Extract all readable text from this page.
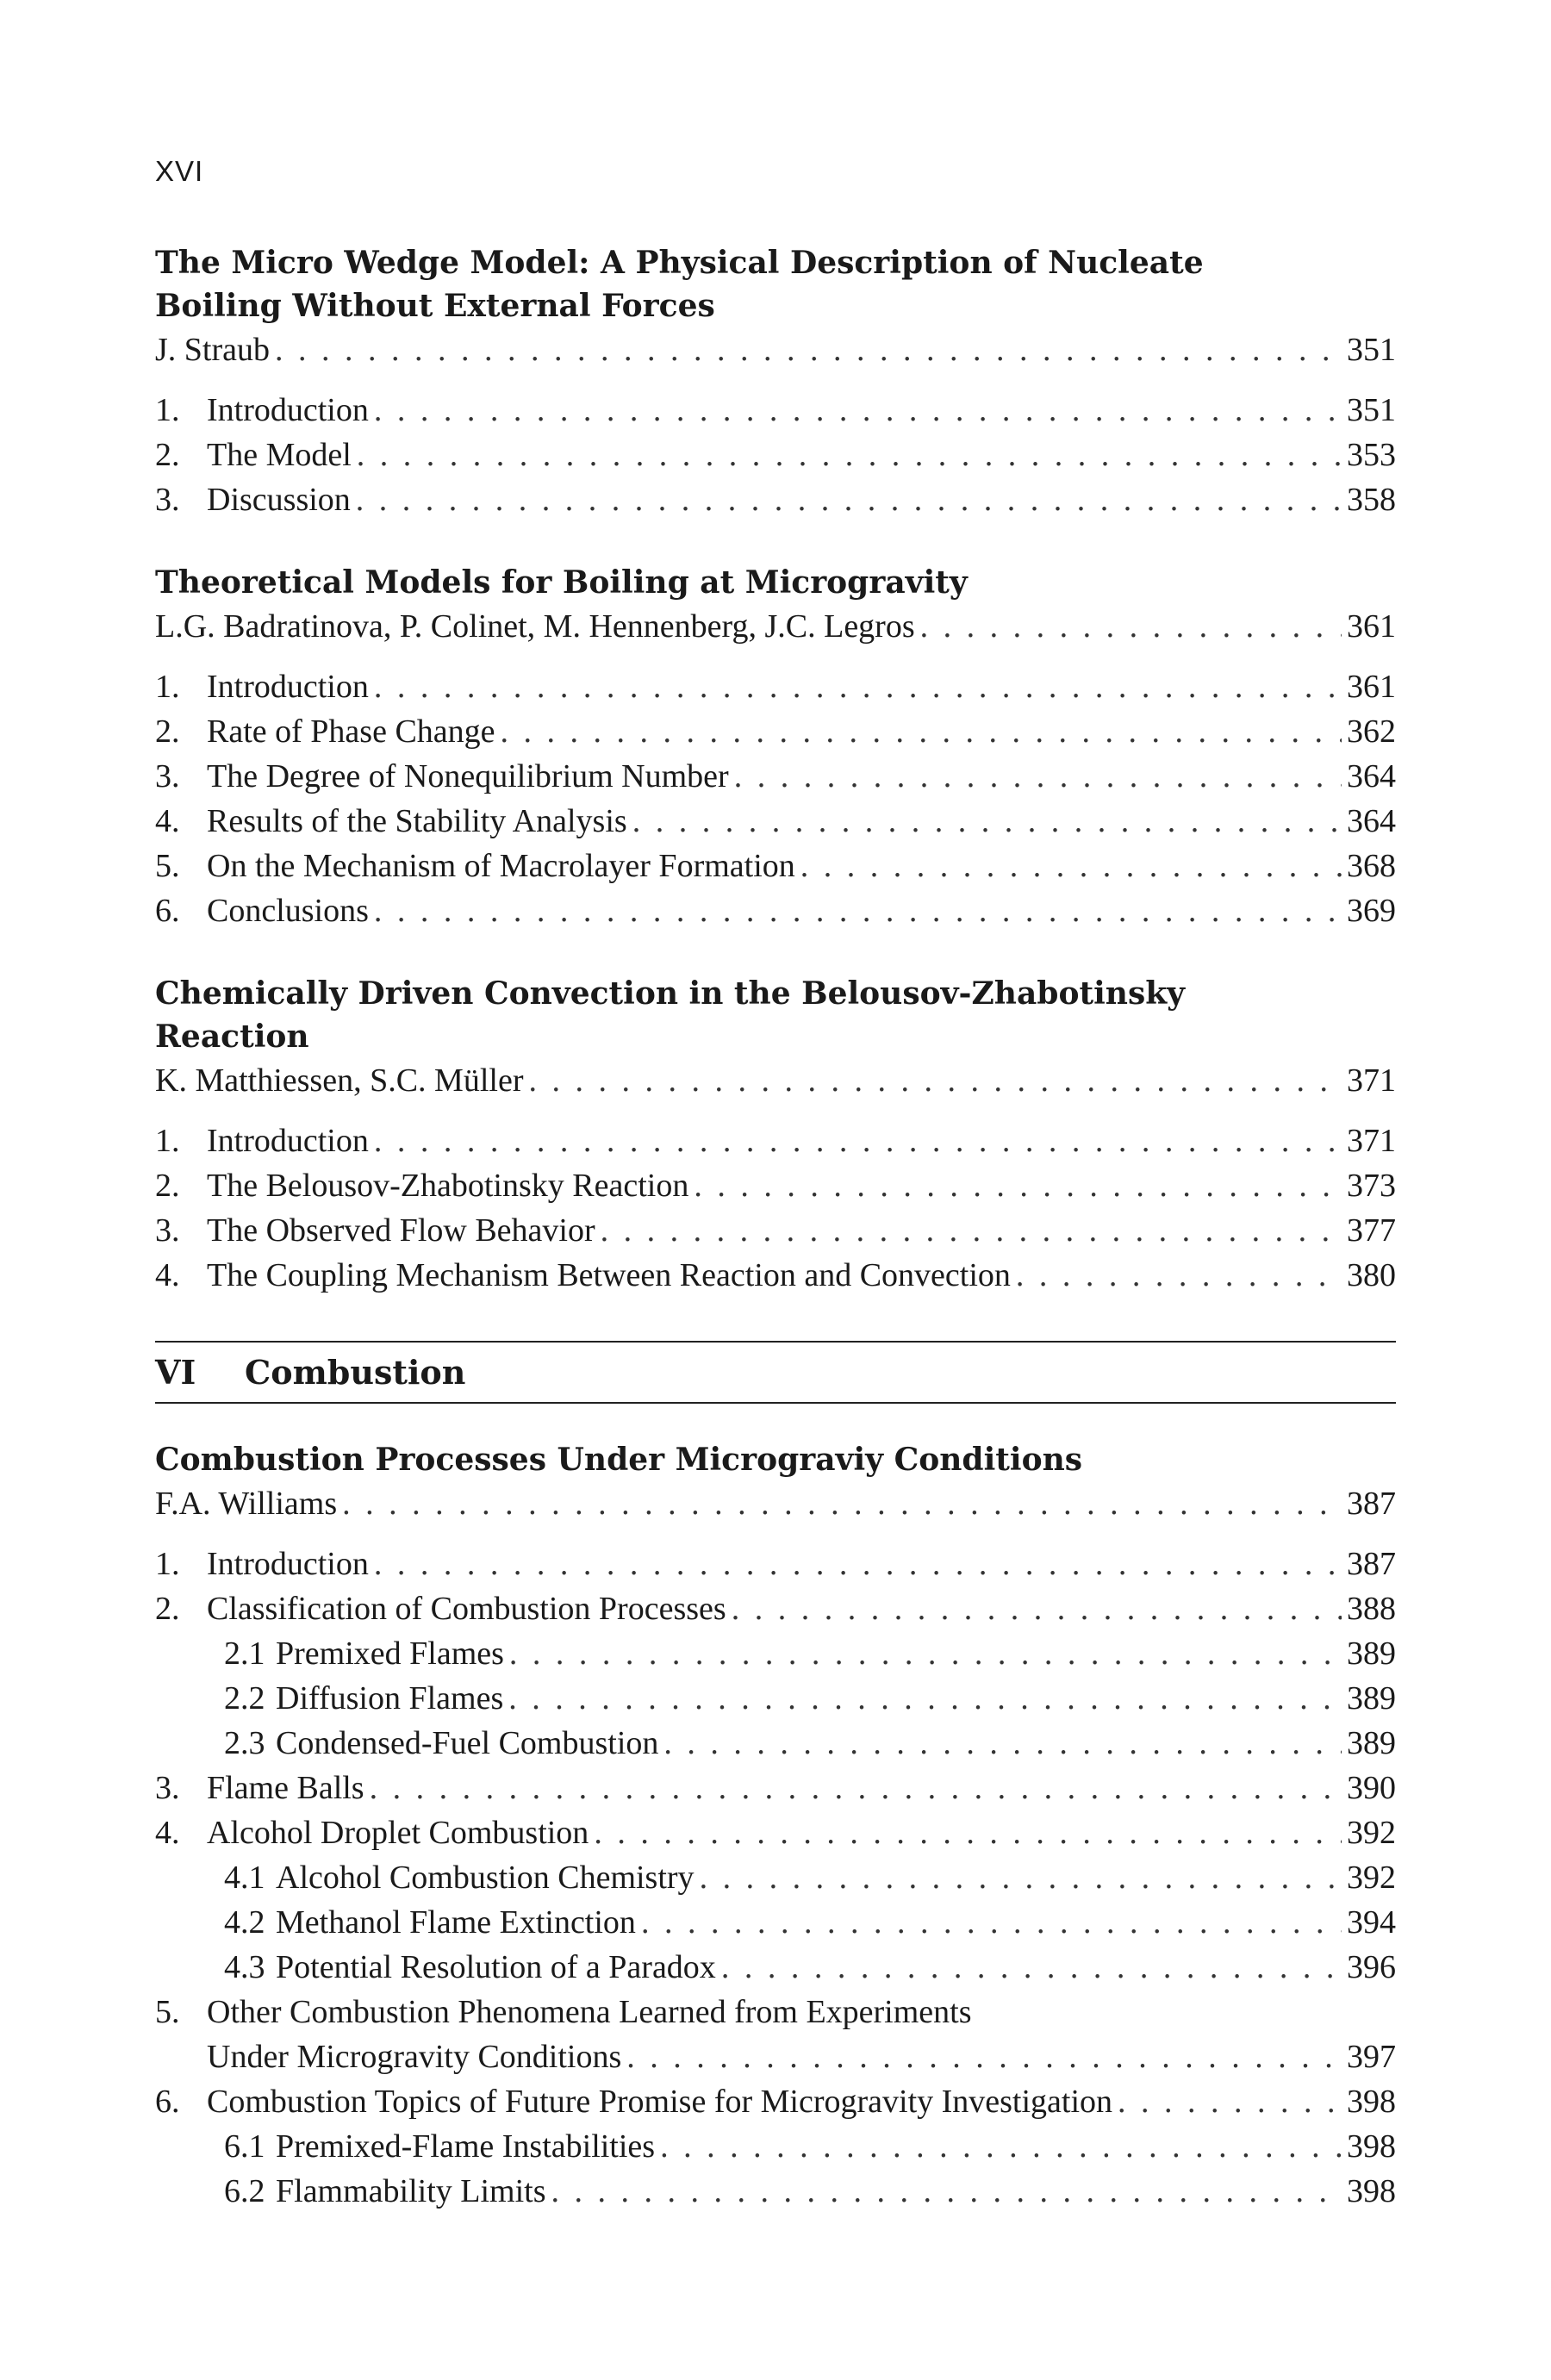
XVI
The Micro Wedge Model: A Physical Description of Nucleate
Boiling Without External Forces
J. Straub . . .	351
1. Introduction . . .	351
2. The Model . . .	353
3. Discussion . . .	358
Theoretical Models for Boiling at Microgravity
L.G. Badratinova, P. Colinet, M. Hennenberg, J.C. Legros . . .	361
1. Introduction . . .	361
2. Rate of Phase Change . . .	362
3. The Degree of Nonequilibrium Number . . .	364
4. Results of the Stability Analysis . . .	364
5. On the Mechanism of Macrolayer Formation . . .	368
6. Conclusions . . .	369
Chemically Driven Convection in the Belousov-Zhabotinsky
Reaction
K. Matthiessen, S.C. Müller . . .	371
1. Introduction . . .	371
2. The Belousov-Zhabotinsky Reaction . . .	373
3. The Observed Flow Behavior . . .	377
4. The Coupling Mechanism Between Reaction and Convection . . .	380
VI Combustion
Combustion Processes Under Micrograviy Conditions
F.A. Williams . . .	387
1. Introduction . . .	387
2. Classification of Combustion Processes . . .	388
2.1 Premixed Flames . . .	389
2.2 Diffusion Flames . . .	389
2.3 Condensed-Fuel Combustion . . .	389
3. Flame Balls . . .	390
4. Alcohol Droplet Combustion . . .	392
4.1 Alcohol Combustion Chemistry . . .	392
4.2 Methanol Flame Extinction . . .	394
4.3 Potential Resolution of a Paradox . . .	396
5. Other Combustion Phenomena Learned from Experiments
Under Microgravity Conditions . . .	397
6. Combustion Topics of Future Promise for Microgravity Investigation . . .	398
6.1 Premixed-Flame Instabilities . . .	398
6.2 Flammability Limits . . .	398
